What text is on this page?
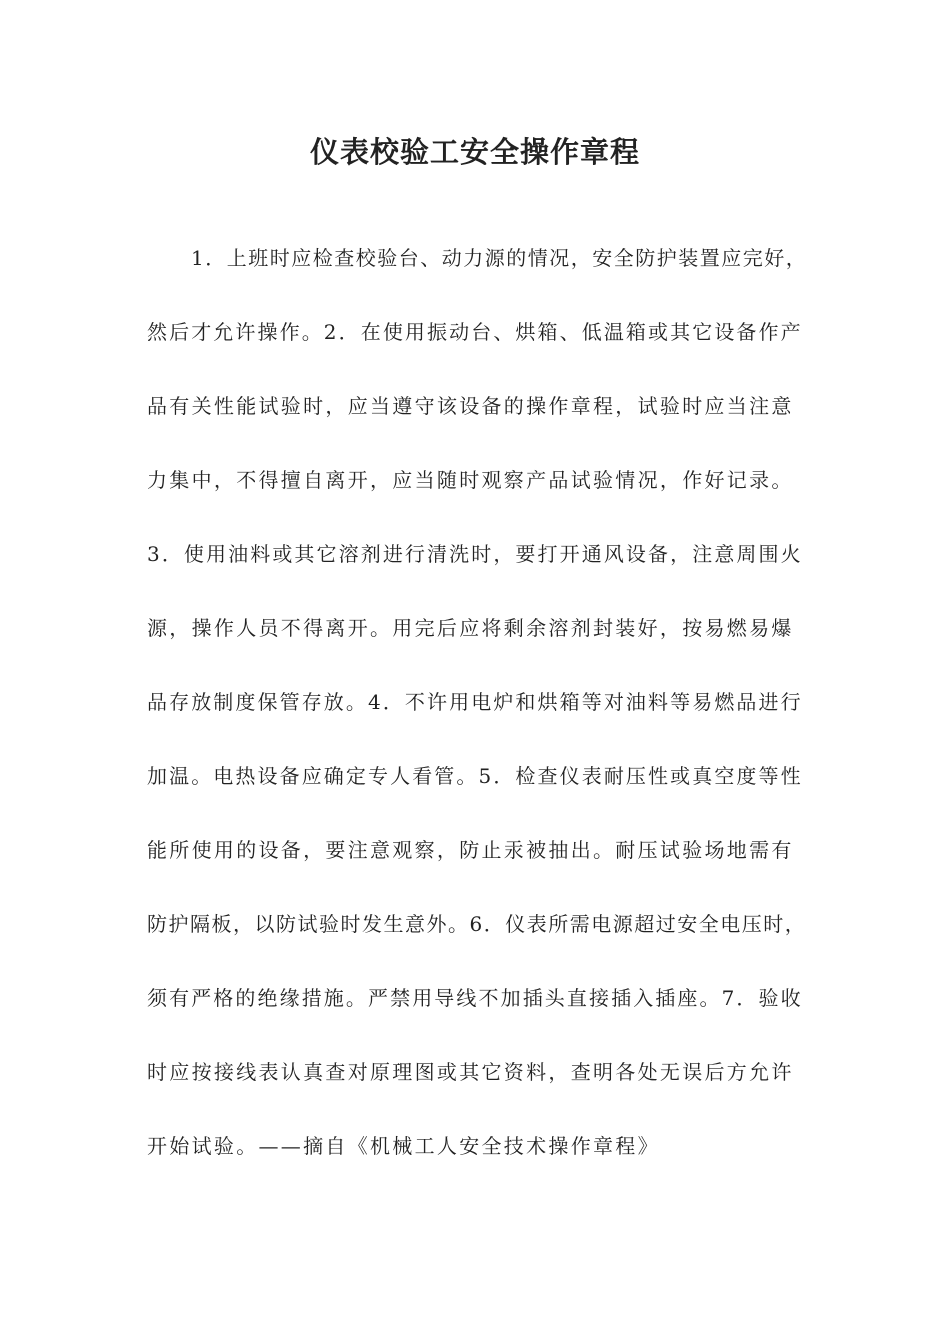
仪表校验工安全操作章程
1．上班时应检查校验台、动力源的情况，安全防护装置应完好，
然后才允许操作。2．在使用振动台、烘箱、低温箱或其它设备作产
品有关性能试验时，应当遵守该设备的操作章程，试验时应当注意
力集中，不得擅自离开，应当随时观察产品试验情况，作好记录。
3．使用油料或其它溶剂进行清洗时，要打开通风设备，注意周围火
源，操作人员不得离开。用完后应将剩余溶剂封装好，按易燃易爆
品存放制度保管存放。4．不许用电炉和烘箱等对油料等易燃品进行
加温。电热设备应确定专人看管。5．检查仪表耐压性或真空度等性
能所使用的设备，要注意观察，防止汞被抽出。耐压试验场地需有
防护隔板，以防试验时发生意外。6．仪表所需电源超过安全电压时，
须有严格的绝缘措施。严禁用导线不加插头直接插入插座。7．验收
时应按接线表认真查对原理图或其它资料，查明各处无误后方允许
开始试验。——摘自《机械工人安全技术操作章程》
